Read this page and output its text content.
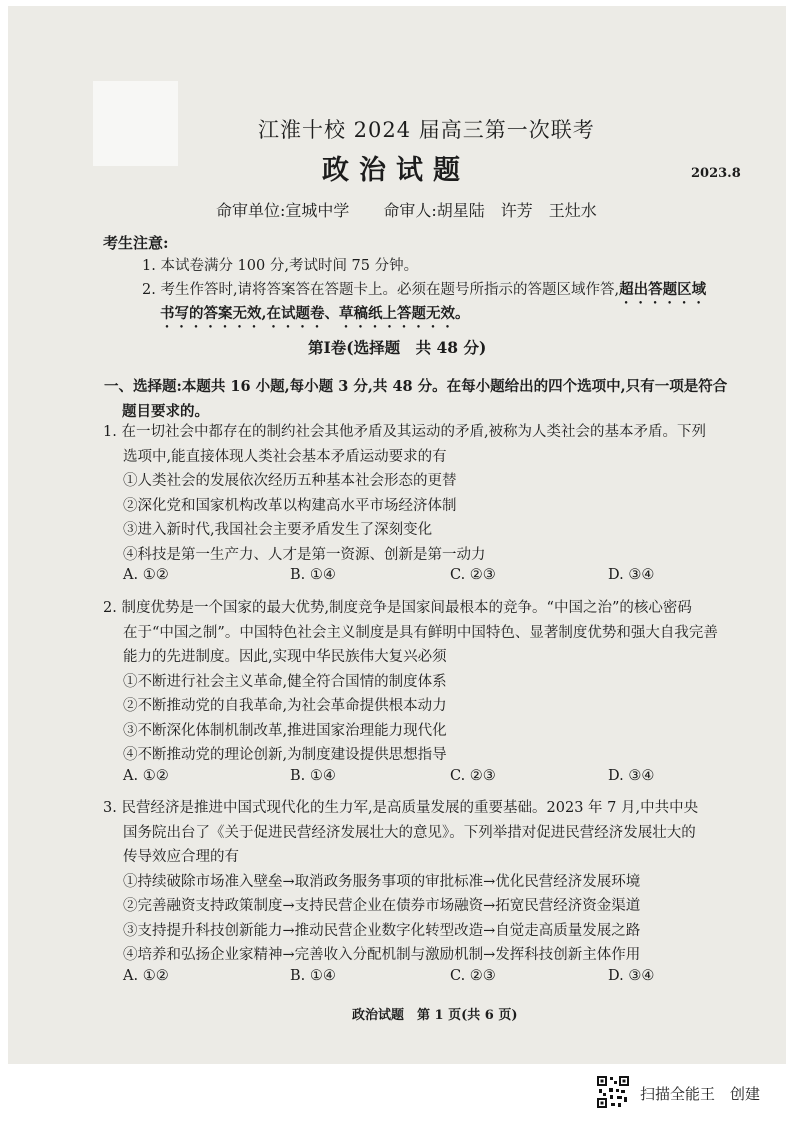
江淮十校 2024 届高三第一次联考
政治试题	2023.8
命审单位:宣城中学 命审人:胡星陆　许芳　王灶水
考生注意:
1. 本试卷满分 100 分,考试时间 75 分钟。
2. 考生作答时,请将答案答在答题卡上。必须在题号所指示的答题区域作答,超出答题区域
书写的答案无效,在试题卷、草稿纸上答题无效。
第Ⅰ卷(选择题　共 48 分)
一、选择题:本题共 16 小题,每小题 3 分,共 48 分。在每小题给出的四个选项中,只有一项是符合
题目要求的。
1. 在一切社会中都存在的制约社会其他矛盾及其运动的矛盾,被称为人类社会的基本矛盾。下列
选项中,能直接体现人类社会基本矛盾运动要求的有
①人类社会的发展依次经历五种基本社会形态的更替
②深化党和国家机构改革以构建高水平市场经济体制
③进入新时代,我国社会主要矛盾发生了深刻变化
④科技是第一生产力、人才是第一资源、创新是第一动力
A. ①②	B. ①④	C. ②③	D. ③④
2. 制度优势是一个国家的最大优势,制度竞争是国家间最根本的竞争。“中国之治”的核心密码
在于“中国之制”。中国特色社会主义制度是具有鲜明中国特色、显著制度优势和强大自我完善
能力的先进制度。因此,实现中华民族伟大复兴必须
①不断进行社会主义革命,健全符合国情的制度体系
②不断推动党的自我革命,为社会革命提供根本动力
③不断深化体制机制改革,推进国家治理能力现代化
④不断推动党的理论创新,为制度建设提供思想指导
A. ①②	B. ①④	C. ②③	D. ③④
3. 民营经济是推进中国式现代化的生力军,是高质量发展的重要基础。2023 年 7 月,中共中央
国务院出台了《关于促进民营经济发展壮大的意见》。下列举措对促进民营经济发展壮大的
传导效应合理的有
①持续破除市场准入壁垒→取消政务服务事项的审批标准→优化民营经济发展环境
②完善融资支持政策制度→支持民营企业在债券市场融资→拓宽民营经济资金渠道
③支持提升科技创新能力→推动民营企业数字化转型改造→自觉走高质量发展之路
④培养和弘扬企业家精神→完善收入分配机制与激励机制→发挥科技创新主体作用
A. ①②	B. ①④	C. ②③	D. ③④
政治试题　第 1 页(共 6 页)
扫描全能王　创建
